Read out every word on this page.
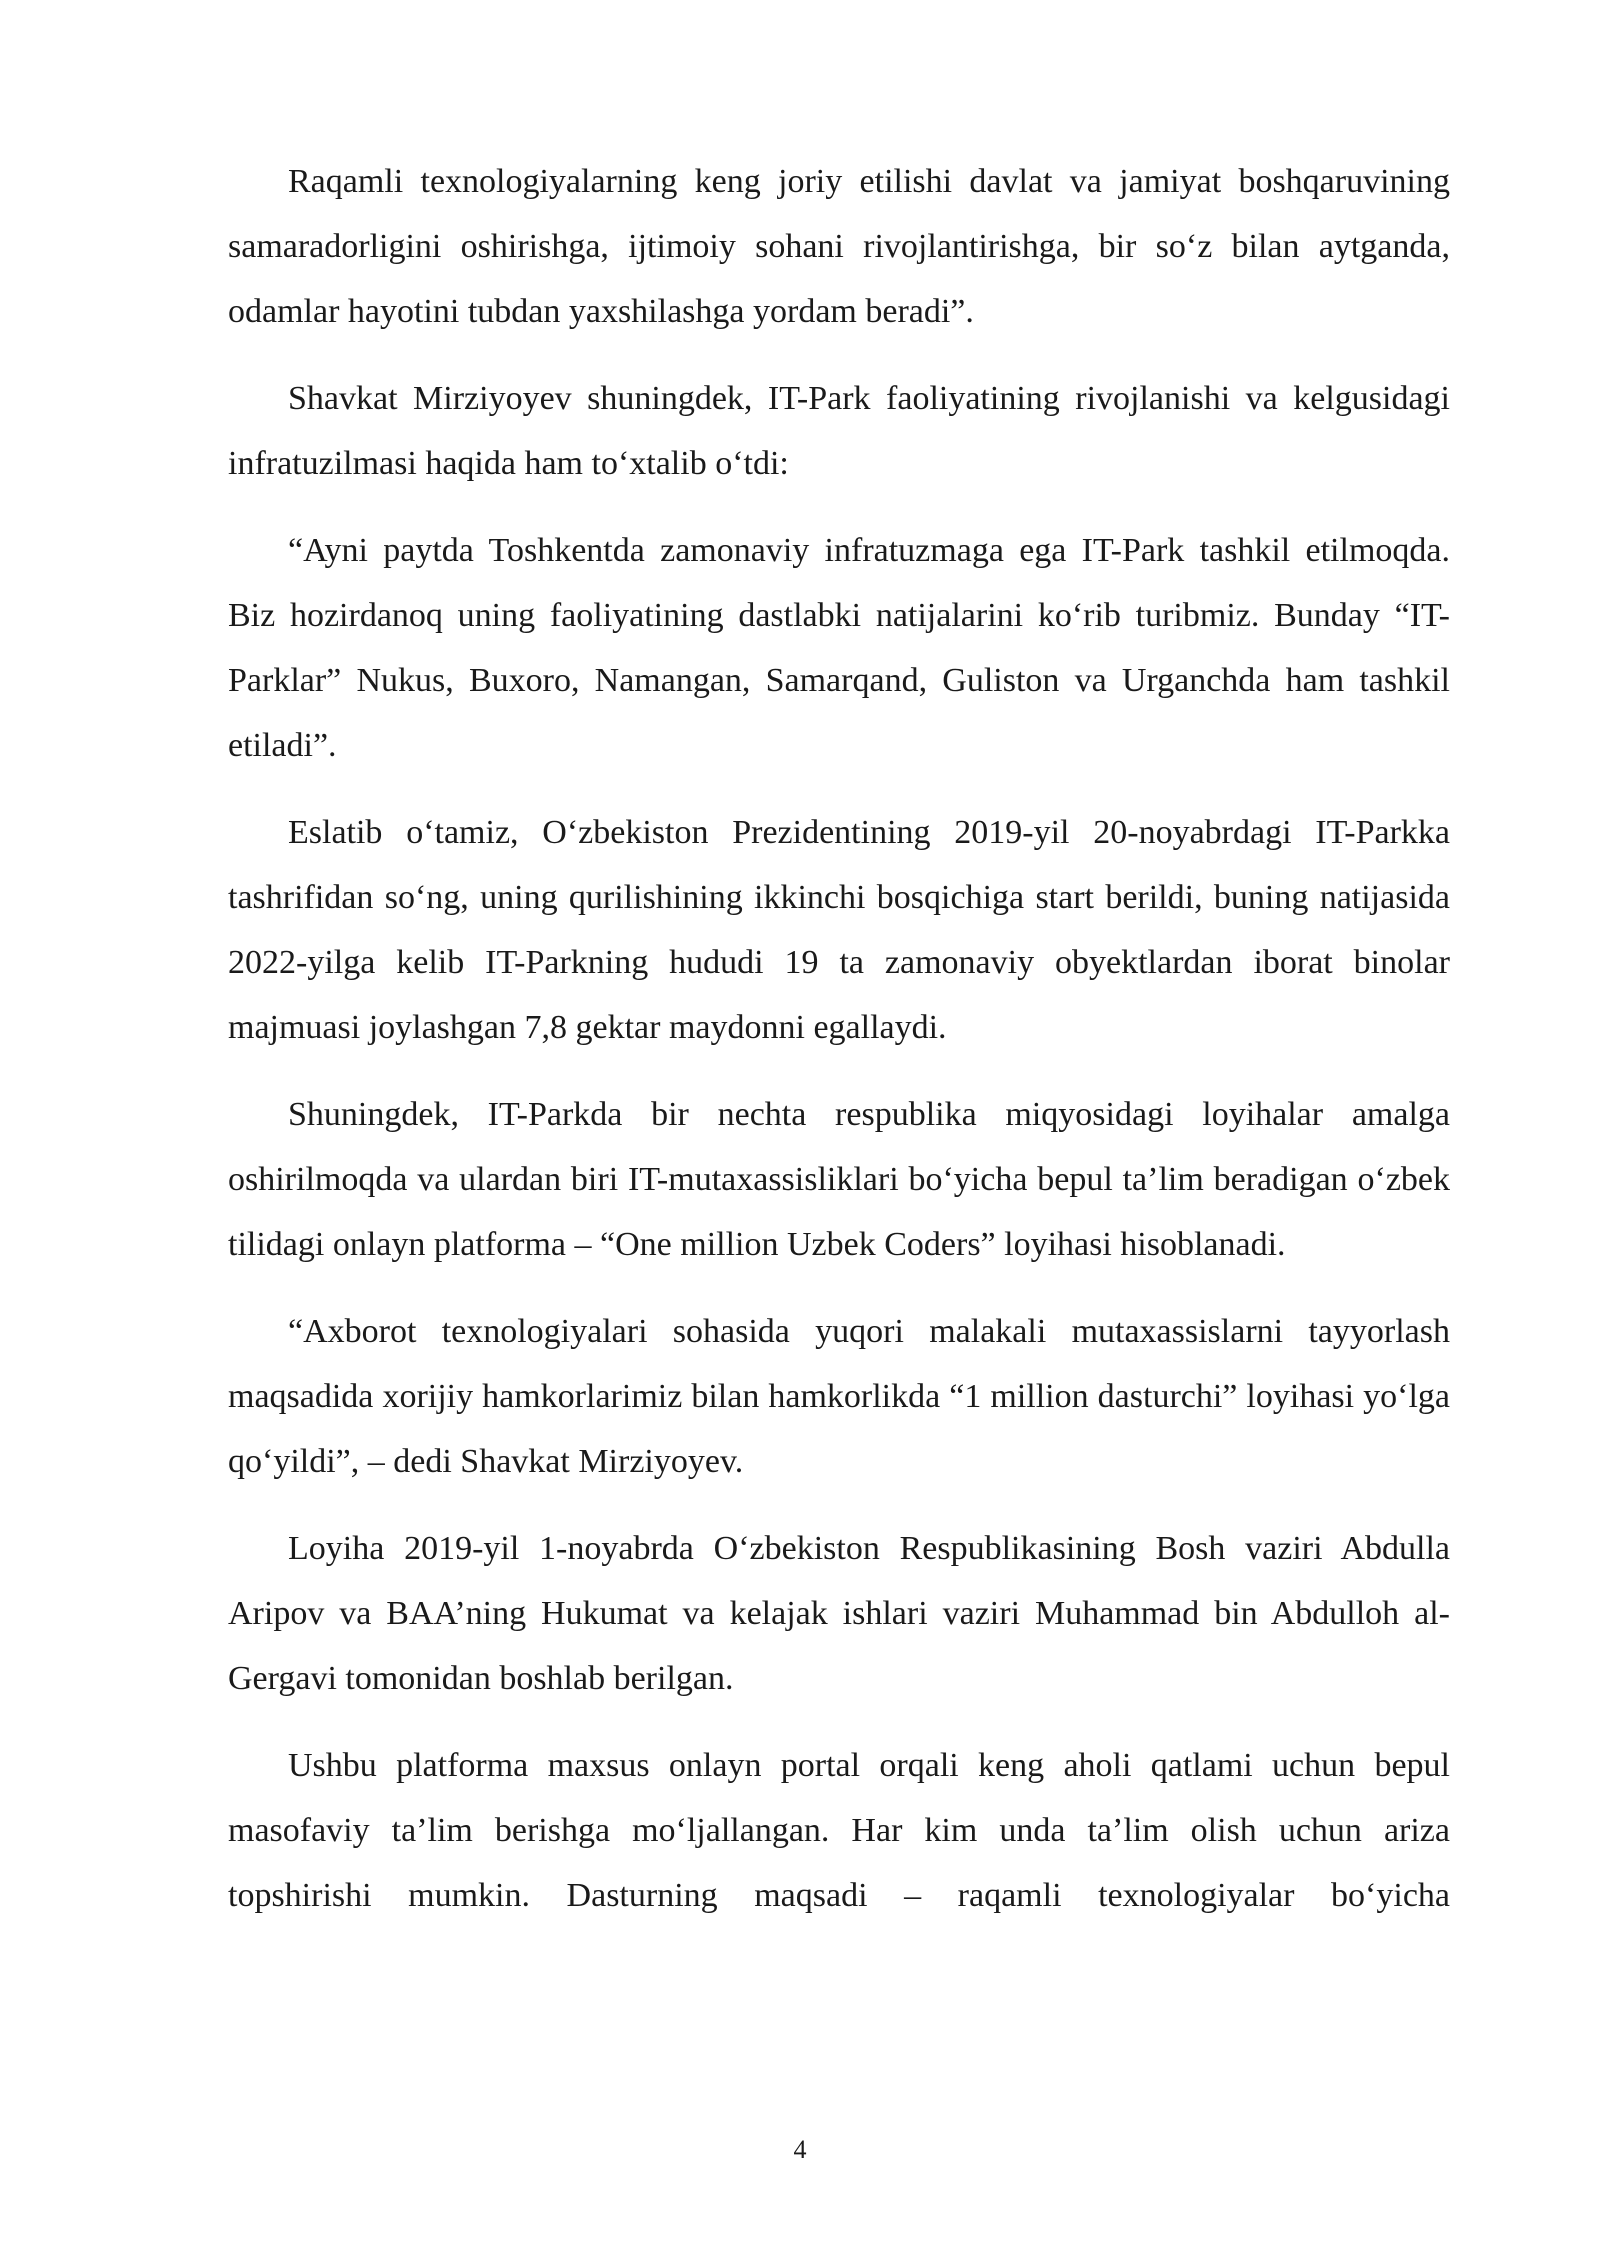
Raqamli texnologiyalarning keng joriy etilishi davlat va jamiyat boshqaruvining samaradorligini oshirishga, ijtimoiy sohani rivojlantirishga, bir so‘z bilan aytganda, odamlar hayotini tubdan yaxshilashga yordam beradi”.

Shavkat Mirziyoyev shuningdek, IT-Park faoliyatining rivojlanishi va kelgusidagi infratuzilmasi haqida ham to‘xtalib o‘tdi:

“Ayni paytda Toshkentda zamonaviy infratuzmaga ega IT-Park tashkil etilmoqda. Biz hozirdanoq uning faoliyatining dastlabki natijalarini ko‘rib turibmiz. Bunday “IT-Parklar” Nukus, Buxoro, Namangan, Samarqand, Guliston va Urganchda ham tashkil etiladi”.

Eslatib o‘tamiz, O‘zbekiston Prezidentining 2019-yil 20-noyabrdagi IT-Parkka tashrifidan so‘ng, uning qurilishining ikkinchi bosqichiga start berildi, buning natijasida 2022-yilga kelib IT-Parkning hududi 19 ta zamonaviy obyektlardan iborat binolar majmuasi joylashgan 7,8 gektar maydonni egallaydi.

Shuningdek, IT-Parkda bir nechta respublika miqyosidagi loyihalar amalga oshirilmoqda va ulardan biri IT-mutaxassisliklari bo‘yicha bepul ta’lim beradigan o‘zbek tilidagi onlayn platforma – “One million Uzbek Coders” loyihasi hisoblanadi.

“Axborot texnologiyalari sohasida yuqori malakali mutaxassislarni tayyorlash maqsadida xorijiy hamkorlarimiz bilan hamkorlikda “1 million dasturchi” loyihasi yo‘lga qo‘yildi”, – dedi Shavkat Mirziyoyev.

Loyiha 2019-yil 1-noyabrda O‘zbekiston Respublikasining Bosh vaziri Abdulla Aripov va BAA’ning Hukumat va kelajak ishlari vaziri Muhammad bin Abdulloh al-Gergavi tomonidan boshlab berilgan.

Ushbu platforma maxsus onlayn portal orqali keng aholi qatlami uchun bepul masofaviy ta’lim berishga mo‘ljallangan. Har kim unda ta’lim olish uchun ariza topshirishi mumkin. Dasturning maqsadi – raqamli texnologiyalar bo‘yicha

4
